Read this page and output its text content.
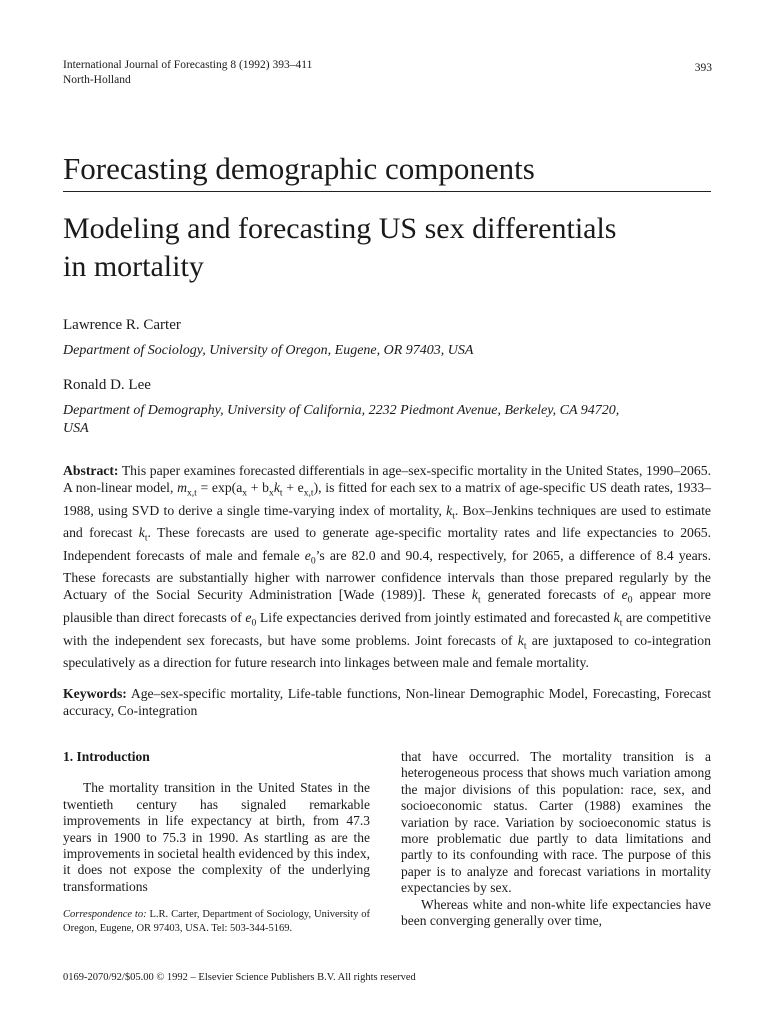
International Journal of Forecasting 8 (1992) 393–411
North-Holland
393
Forecasting demographic components
Modeling and forecasting US sex differentials
in mortality
Lawrence R. Carter
Department of Sociology, University of Oregon, Eugene, OR 97403, USA
Ronald D. Lee
Department of Demography, University of California, 2232 Piedmont Avenue, Berkeley, CA 94720,
USA
Abstract: This paper examines forecasted differentials in age–sex-specific mortality in the United States, 1990–2065. A non-linear model, $m_{x,t} = \exp(a_x + b_xk_t + e_{x,t})$, is fitted for each sex to a matrix of age-specific US death rates, 1933–1988, using SVD to derive a single time-varying index of mortality, $k_t$. Box–Jenkins techniques are used to estimate and forecast $k_t$. These forecasts are used to generate age-specific mortality rates and life expectancies to 2065. Independent forecasts of male and female $e_0’s$ are 82.0 and 90.4, respectively, for 2065, a difference of 8.4 years. These forecasts are substantially higher with narrower confidence intervals than those prepared regularly by the Actuary of the Social Security Administration [Wade (1989)]. These $k_t$ generated forecasts of $e_0$ appear more plausible than direct forecasts of $e_0$ Life expectancies derived from jointly estimated and forecasted $k_t$ are competitive with the independent sex forecasts, but have some problems. Joint forecasts of $k_t$ are juxtaposed to co-integration speculatively as a direction for future research into linkages between male and female mortality.
Keywords: Age–sex-specific mortality, Life-table functions, Non-linear Demographic Model, Forecasting, Forecast accuracy, Co-integration
1. Introduction

The mortality transition in the United States in the twentieth century has signaled remarkable improvements in life expectancy at birth, from 47.3 years in 1900 to 75.3 in 1990. As startling as are the improvements in societal health evidenced by this index, it does not expose the complexity of the underlying transformations

that have occurred. The mortality transition is a heterogeneous process that shows much variation among the major divisions of this population: race, sex, and socioeconomic status. Carter (1988) examines the variation by race. Variation by socioeconomic status is more problematic due partly to data limitations and partly to its confounding with race. The purpose of this paper is to analyze and forecast variations in mortality expectancies by sex.

Whereas white and non-white life expectancies have been converging generally over time,

Correspondence to: L.R. Carter, Department of Sociology, University of Oregon, Eugene, OR 97403, USA. Tel: 503-344-5169.
0169-2070/92/$05.00 © 1992 – Elsevier Science Publishers B.V. All rights reserved
